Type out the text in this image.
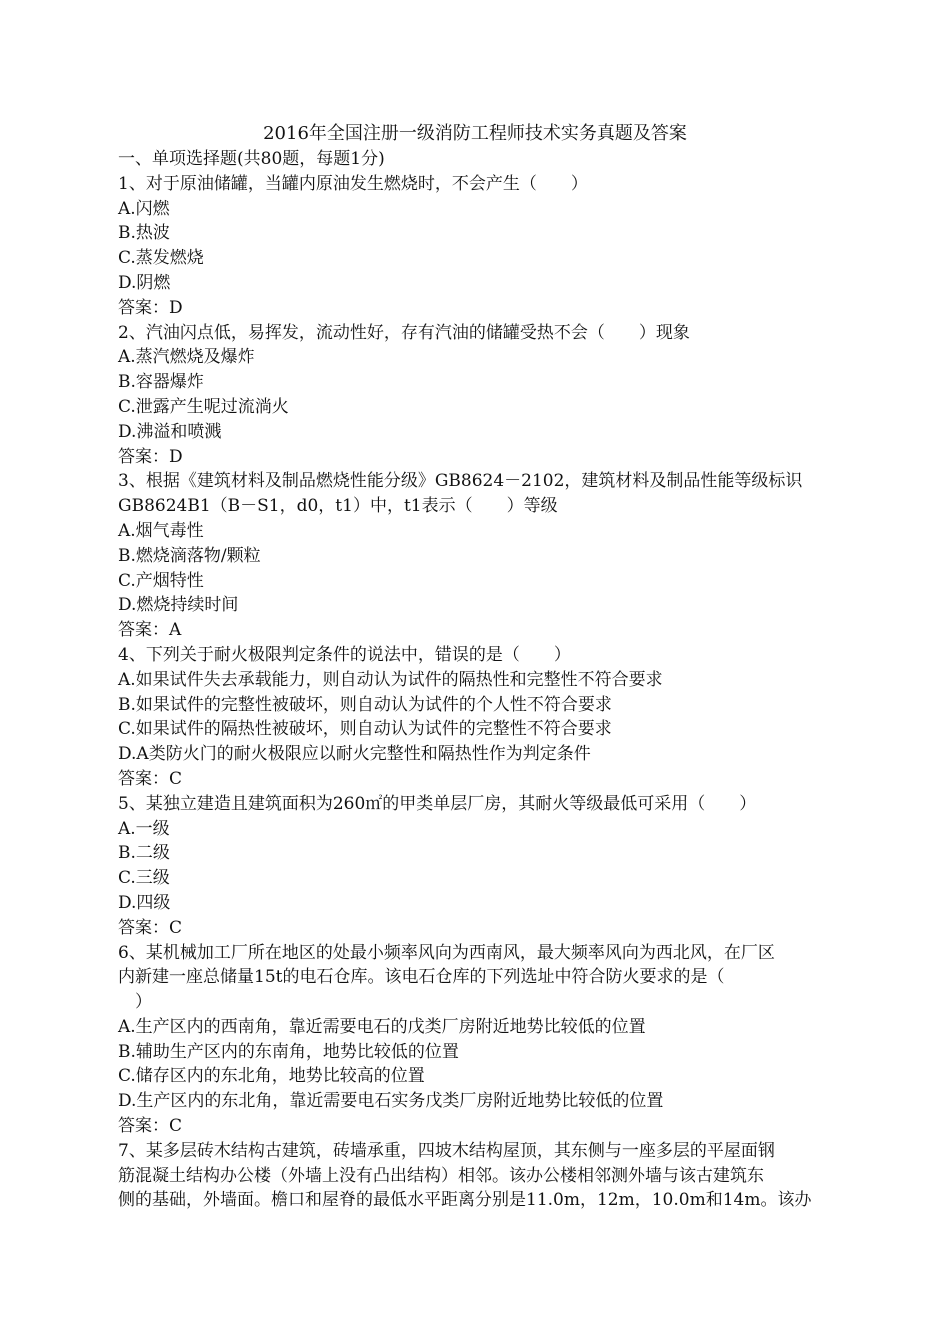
2016年全国注册一级消防工程师技术实务真题及答案
一、单项选择题(共80题，每题1分)
1、对于原油储罐，当罐内原油发生燃烧时，不会产生（　　）
A.闪燃
B.热波
C.蒸发燃烧
D.阴燃
答案：D
2、汽油闪点低，易挥发，流动性好，存有汽油的储罐受热不会（　　）现象
A.蒸汽燃烧及爆炸
B.容器爆炸
C.泄露产生呢过流淌火
D.沸溢和喷溅
答案：D
3、根据《建筑材料及制品燃烧性能分级》GB8624－2102，建筑材料及制品性能等级标识
GB8624B1（B－S1，d0，t1）中，t1表示（　　）等级
A.烟气毒性
B.燃烧滴落物/颗粒
C.产烟特性
D.燃烧持续时间
答案：A
4、下列关于耐火极限判定条件的说法中，错误的是（　　）
A.如果试件失去承载能力，则自动认为试件的隔热性和完整性不符合要求
B.如果试件的完整性被破坏，则自动认为试件的个人性不符合要求
C.如果试件的隔热性被破坏，则自动认为试件的完整性不符合要求
D.A类防火门的耐火极限应以耐火完整性和隔热性作为判定条件
答案：C
5、某独立建造且建筑面积为260㎡的甲类单层厂房，其耐火等级最低可采用（　　）
A.一级
B.二级
C.三级
D.四级
答案：C
6、某机械加工厂所在地区的处最小频率风向为西南风，最大频率风向为西北风，在厂区
内新建一座总储量15t的电石仓库。该电石仓库的下列选址中符合防火要求的是（
　）
A.生产区内的西南角，靠近需要电石的戊类厂房附近地势比较低的位置
B.辅助生产区内的东南角，地势比较低的位置
C.储存区内的东北角，地势比较高的位置
D.生产区内的东北角，靠近需要电石实务戊类厂房附近地势比较低的位置
答案：C
7、某多层砖木结构古建筑，砖墙承重，四坡木结构屋顶，其东侧与一座多层的平屋面钢
筋混凝土结构办公楼（外墙上没有凸出结构）相邻。该办公楼相邻测外墙与该古建筑东
侧的基础，外墙面。檐口和屋脊的最低水平距离分别是11.0m，12m，10.0m和14m。该办
